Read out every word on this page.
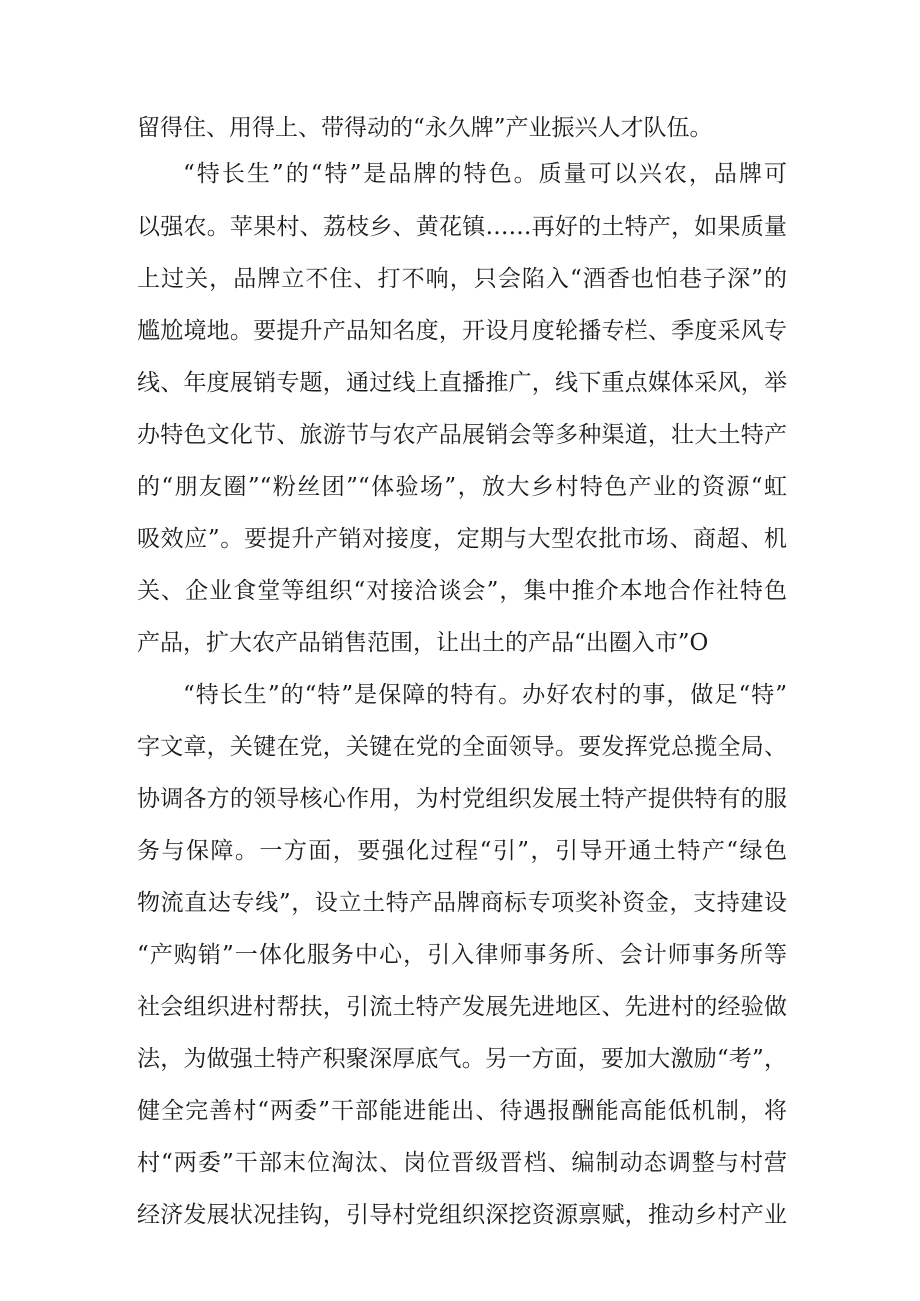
留得住、用得上、带得动的“永久牌”产业振兴人才队伍。
“特长生”的“特”是品牌的特色。质量可以兴农，品牌可
以强农。苹果村、荔枝乡、黄花镇……再好的土特产，如果质量
上过关，品牌立不住、打不响，只会陷入“酒香也怕巷子深”的
尴尬境地。要提升产品知名度，开设月度轮播专栏、季度采风专
线、年度展销专题，通过线上直播推广，线下重点媒体采风，举
办特色文化节、旅游节与农产品展销会等多种渠道，壮大土特产
的“朋友圈”“粉丝团”“体验场”，放大乡村特色产业的资源“虹
吸效应”。要提升产销对接度，定期与大型农批市场、商超、机
关、企业食堂等组织“对接洽谈会”，集中推介本地合作社特色
产品，扩大农产品销售范围，让出土的产品“出圈入市”O
“特长生”的“特”是保障的特有。办好农村的事，做足“特”
字文章，关键在党，关键在党的全面领导。要发挥党总揽全局、
协调各方的领导核心作用，为村党组织发展土特产提供特有的服
务与保障。一方面，要强化过程“引”，引导开通土特产“绿色
物流直达专线”，设立土特产品牌商标专项奖补资金，支持建设
“产购销”一体化服务中心，引入律师事务所、会计师事务所等
社会组织进村帮扶，引流土特产发展先进地区、先进村的经验做
法，为做强土特产积聚深厚底气。另一方面，要加大激励“考”，
健全完善村“两委”干部能进能出、待遇报酬能高能低机制，将
村“两委”干部末位淘汰、岗位晋级晋档、编制动态调整与村营
经济发展状况挂钩，引导村党组织深挖资源禀赋，推动乡村产业
